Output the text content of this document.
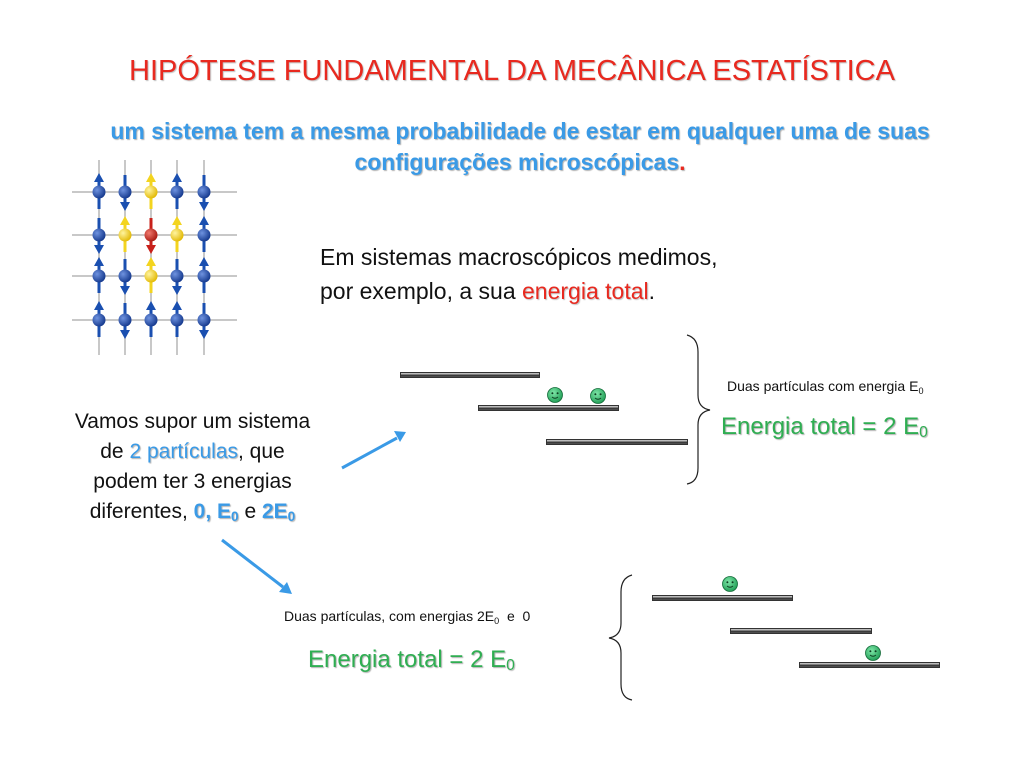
HIPÓTESE FUNDAMENTAL DA MECÂNICA ESTATÍSTICA
um sistema tem a mesma probabilidade de estar em qualquer uma de suas configurações microscópicas.
Em sistemas macroscópicos medimos,
por exemplo, a sua energia total.
Vamos supor um sistema
de 2 partículas, que
podem ter 3 energias
diferentes, 0, $E_0$ e $2E_0$
Duas partículas com energia $E_0$
Energia total = 2 $E_0$
Duas partículas, com energias $2E_0$  e  0
Energia total = 2 $E_0$
